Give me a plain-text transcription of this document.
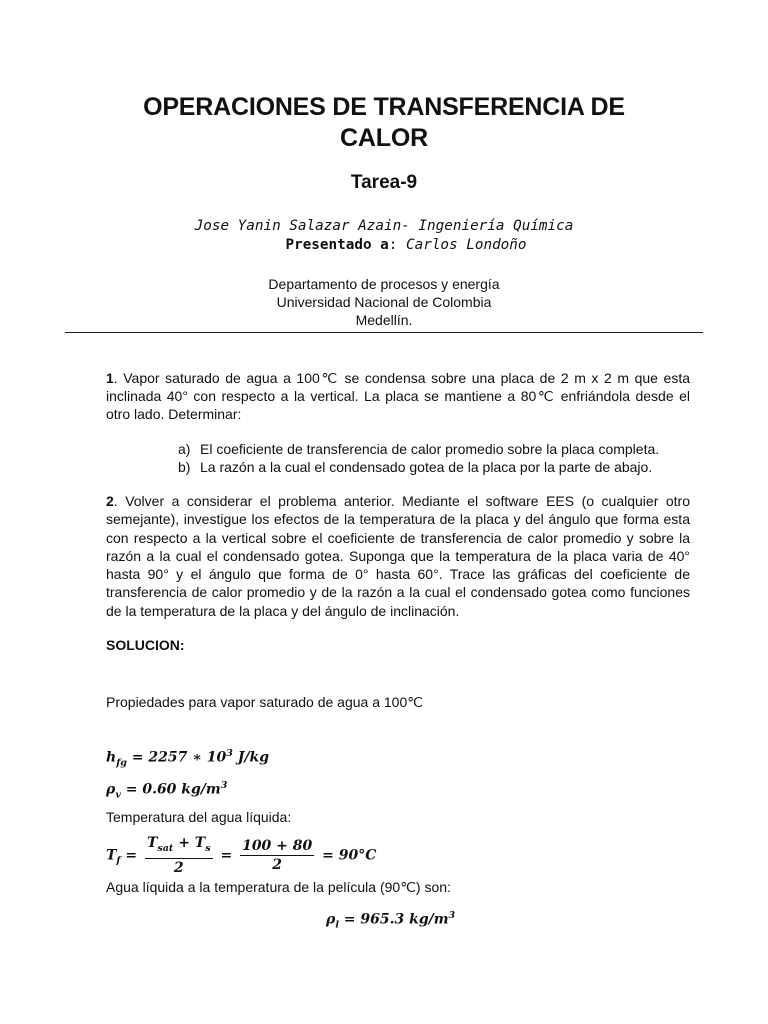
OPERACIONES DE TRANSFERENCIA DE
CALOR
Tarea-9
Jose Yanin Salazar Azain- Ingeniería Química
Presentado a: Carlos Londoño
Departamento de procesos y energía
Universidad Nacional de Colombia
Medellín.
1. Vapor saturado de agua a 100℃ se condensa sobre una placa de 2 m x 2 m que esta inclinada 40° con respecto a la vertical. La placa se mantiene a 80℃ enfriándola desde el otro lado. Determinar:
a) El coeficiente de transferencia de calor promedio sobre la placa completa.
b) La razón a la cual el condensado gotea de la placa por la parte de abajo.
2. Volver a considerar el problema anterior. Mediante el software EES (o cualquier otro semejante), investigue los efectos de la temperatura de la placa y del ángulo que forma esta con respecto a la vertical sobre el coeficiente de transferencia de calor promedio y sobre la razón a la cual el condensado gotea. Suponga que la temperatura de la placa varia de 40° hasta 90° y el ángulo que forma de 0° hasta 60°. Trace las gráficas del coeficiente de transferencia de calor promedio y de la razón a la cual el condensado gotea como funciones de la temperatura de la placa y del ángulo de inclinación.
SOLUCION:
Propiedades para vapor saturado de agua a 100℃
$h_{fg} = 2257$ ∗ $10^3$ J/kg
$\rho_v = 0.60$ $kg/m^3$
Temperatura del agua líquida:
$T_f = \frac{T_{sat} + T_s}{2} = \frac{100 + 80}{2} = 90^\circ C$
Agua líquida a la temperatura de la película (90℃) son:
$\rho_l = 965.3$ $kg/m^3$
